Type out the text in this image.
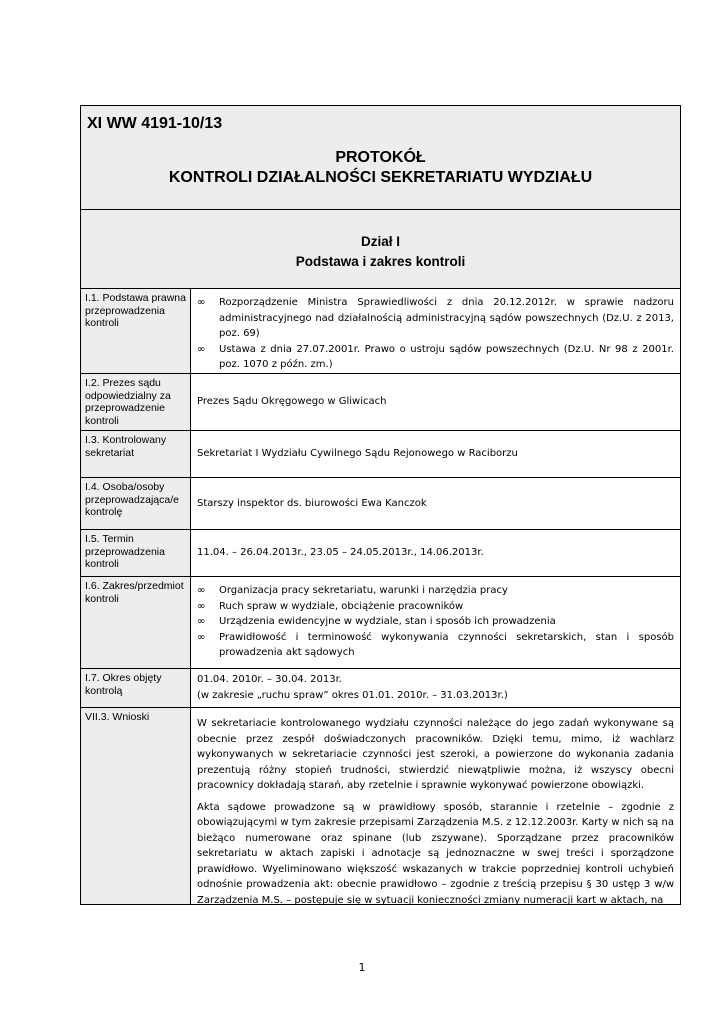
XI WW 4191-10/13
PROTOKÓŁ
KONTROLI DZIAŁALNOŚCI SEKRETARIATU WYDZIAŁU
Dział I
Podstawa i zakres kontroli
I.1. Podstawa prawna przeprowadzenia kontroli
∞ Rozporządzenie Ministra Sprawiedliwości z dnia 20.12.2012r. w sprawie nadzoru administracyjnego nad działalnością administracyjną sądów powszechnych (Dz.U. z 2013, poz. 69)
∞ Ustawa z dnia 27.07.2001r. Prawo o ustroju sądów powszechnych (Dz.U. Nr 98 z 2001r. poz. 1070 z późn. zm.)
I.2. Prezes sądu odpowiedzialny za przeprowadzenie kontroli
Prezes Sądu Okręgowego w Gliwicach
I.3. Kontrolowany sekretariat	Sekretariat I Wydziału Cywilnego Sądu Rejonowego w Raciborzu
I.4. Osoba/osoby przeprowadzająca/e kontrolę
Starszy inspektor ds. biurowości Ewa Kanczok
I.5. Termin przeprowadzenia kontroli
11.04. – 26.04.2013r., 23.05 – 24.05.2013r., 14.06.2013r.
I.6. Zakres/przedmiot kontroli
∞ Organizacja pracy sekretariatu, warunki i narzędzia pracy
∞ Ruch spraw w wydziale, obciążenie pracowników
∞ Urządzenia ewidencyjne w wydziale, stan i sposób ich prowadzenia
∞ Prawidłowość i terminowość wykonywania czynności sekretarskich, stan i sposób prowadzenia akt sądowych
I.7. Okres objęty kontrolą
01.04. 2010r. – 30.04. 2013r.
(w zakresie „ruchu spraw” okres 01.01. 2010r. – 31.03.2013r.)
VII.3. Wnioski

W sekretariacie kontrolowanego wydziału czynności należące do jego zadań wykonywane są obecnie przez zespół doświadczonych pracowników. Dzięki temu, mimo, iż wachlarz wykonywanych w sekretariacie czynności jest szeroki, a powierzone do wykonania zadania prezentują różny stopień trudności, stwierdzić niewątpliwie można, iż wszyscy obecni pracownicy dokładają starań, aby rzetelnie i sprawnie wykonywać powierzone obowiązki.

Akta sądowe prowadzone są w prawidłowy sposób, starannie i rzetelnie – zgodnie z obowiązującymi w tym zakresie przepisami Zarządzenia M.S. z 12.12.2003r. Karty w nich są na bieżąco numerowane oraz spinane (lub zszywane). Sporządzane przez pracowników sekretariatu w aktach zapiski i adnotacje są jednoznaczne w swej treści i sporządzone prawidłowo. Wyeliminowano większość wskazanych w trakcie poprzedniej kontroli uchybień odnośnie prowadzenia akt: obecnie prawidłowo – zgodnie z treścią przepisu § 30 ustęp 3 w/w Zarządzenia M.S. – postępuje się w sytuacji konieczności zmiany numeracji kart w aktach, na

1
